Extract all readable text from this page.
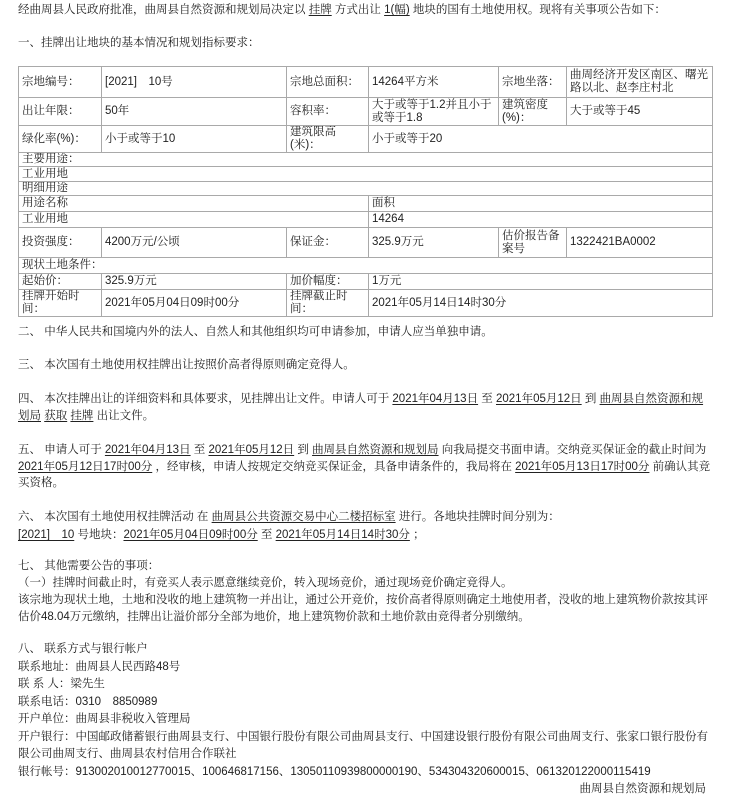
经曲周县人民政府批准，曲周县自然资源和规划局决定以 挂牌 方式出让 1(幅) 地块的国有土地使用权。现将有关事项公告如下：
一、挂牌出让地块的基本情况和规划指标要求：
宗地编号：	[2021]　10号	宗地总面积：	14264平方米	宗地坐落：	曲周经济开发区南区、曙光路以北、赵李庄村北
出让年限：	50年	容积率：	大于或等于1.2并且小于或等于1.8	建筑密度(%)：	大于或等于45
绿化率(%)：	小于或等于10	建筑限高(米)：	小于或等于20		
主要用途：					
工业用地					
明细用途					
用途名称			面积		
工业用地			14264		
投资强度：	4200万元/公顷	保证金：	325.9万元	估价报告备案号	1322421BA0002
现状土地条件：					
起始价：	325.9万元	加价幅度：	1万元		
挂牌开始时间：	2021年05月04日09时00分	挂牌截止时间：	2021年05月14日14时30分		
二、 中华人民共和国境内外的法人、自然人和其他组织均可申请参加，申请人应当单独申请。
三、 本次国有土地使用权挂牌出让按照价高者得原则确定竞得人。
四、 本次挂牌出让的详细资料和具体要求，见挂牌出让文件。申请人可于 2021年04月13日 至 2021年05月12日 到 曲周县自然资源和规划局 获取 挂牌 出让文件。
五、 申请人可于 2021年04月13日 至 2021年05月12日 到 曲周县自然资源和规划局 向我局提交书面申请。交纳竞买保证金的截止时间为 2021年05月12日17时00分 ，经审核，申请人按规定交纳竞买保证金，具备申请条件的，我局将在 2021年05月13日17时00分 前确认其竞买资格。
六、 本次国有土地使用权挂牌活动 在 曲周县公共资源交易中心二楼招标室 进行。各地块挂牌时间分别为：
[2021]　10 号地块：2021年05月04日09时00分 至 2021年05月14日14时30分 ；
七、 其他需要公告的事项：
（一）挂牌时间截止时，有竞买人表示愿意继续竞价，转入现场竞价，通过现场竞价确定竞得人。
该宗地为现状土地，土地和没收的地上建筑物一并出让，通过公开竞价，按价高者得原则确定土地使用者，没收的地上建筑物价款按其评估价48.04万元缴纳，挂牌出让溢价部分全部为地价，地上建筑物价款和土地价款由竞得者分别缴纳。
八、 联系方式与银行帐户
联系地址：曲周县人民西路48号
联 系 人：梁先生
联系电话：0310　8850989
开户单位：曲周县非税收入管理局
开户银行：中国邮政储蓄银行曲周县支行、中国银行股份有限公司曲周县支行、中国建设银行股份有限公司曲周支行、张家口银行股份有限公司曲周支行、曲周县农村信用合作联社
银行帐号：913002010012770015、100646817156、13050110939800000190、534304320600015、061320122000115419
曲周县自然资源和规划局
